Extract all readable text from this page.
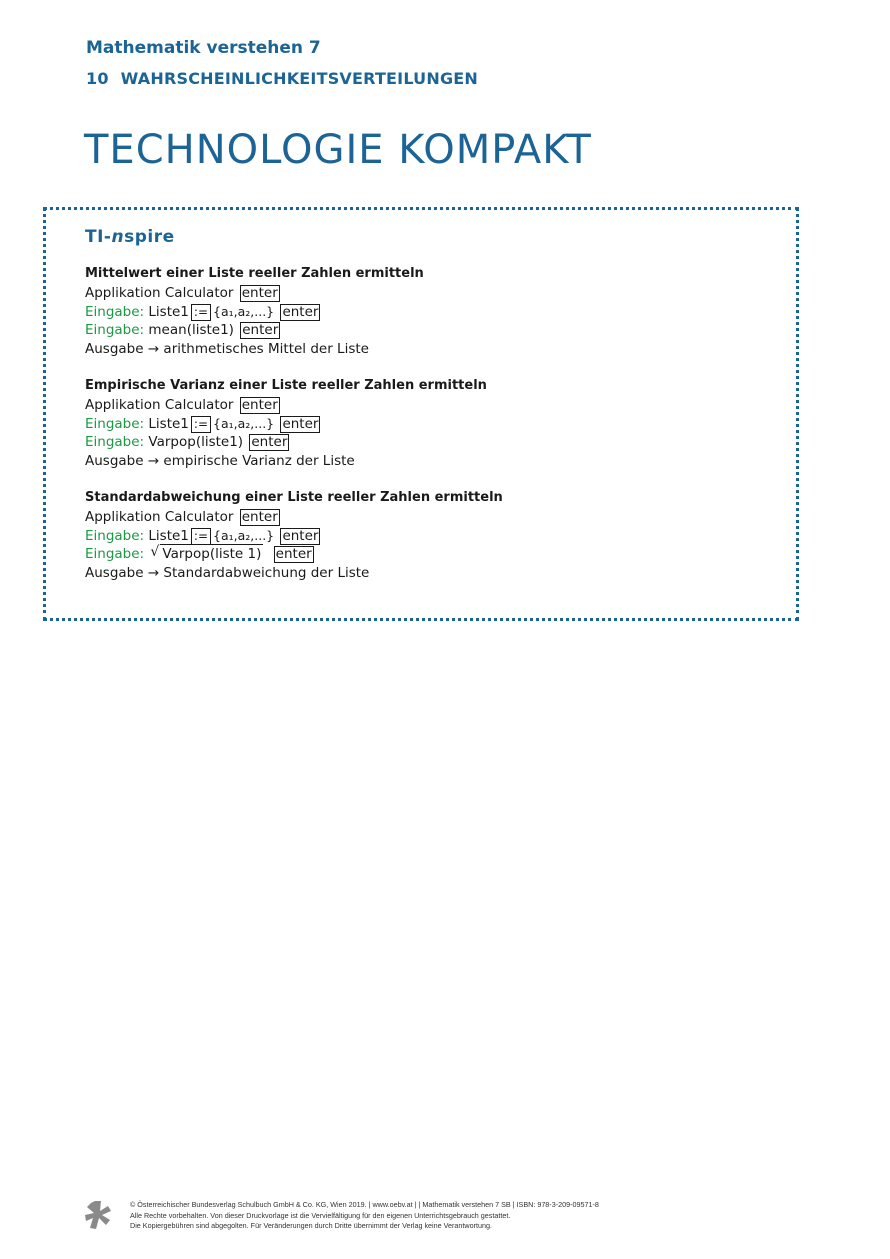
Mathematik verstehen 7
10 WAHRSCHEINLICHKEITSVERTEILUNGEN
TECHNOLOGIE KOMPAKT
TI-nspire
Mittelwert einer Liste reeller Zahlen ermitteln
Applikation Calculator enter
Eingabe: Liste1 := {a₁,a₂,...} enter
Eingabe: mean(liste1) enter
Ausgabe → arithmetisches Mittel der Liste
Empirische Varianz einer Liste reeller Zahlen ermitteln
Applikation Calculator enter
Eingabe: Liste1 := {a₁,a₂,...} enter
Eingabe: Varpop(liste1) enter
Ausgabe → empirische Varianz der Liste
Standardabweichung einer Liste reeller Zahlen ermitteln
Applikation Calculator enter
Eingabe: Liste1 := {a₁,a₂,...} enter
Eingabe: √ Varpop(liste 1) enter
Ausgabe → Standardabweichung der Liste
© Österreichischer Bundesverlag Schulbuch GmbH & Co. KG, Wien 2019. | www.oebv.at | | Mathematik verstehen 7 SB | ISBN: 978-3-209-09571-8
Alle Rechte vorbehalten. Von dieser Druckvorlage ist die Vervielfältigung für den eigenen Unterrichtsgebrauch gestattet.
Die Kopiergebühren sind abgegolten. Für Veränderungen durch Dritte übernimmt der Verlag keine Verantwortung.
